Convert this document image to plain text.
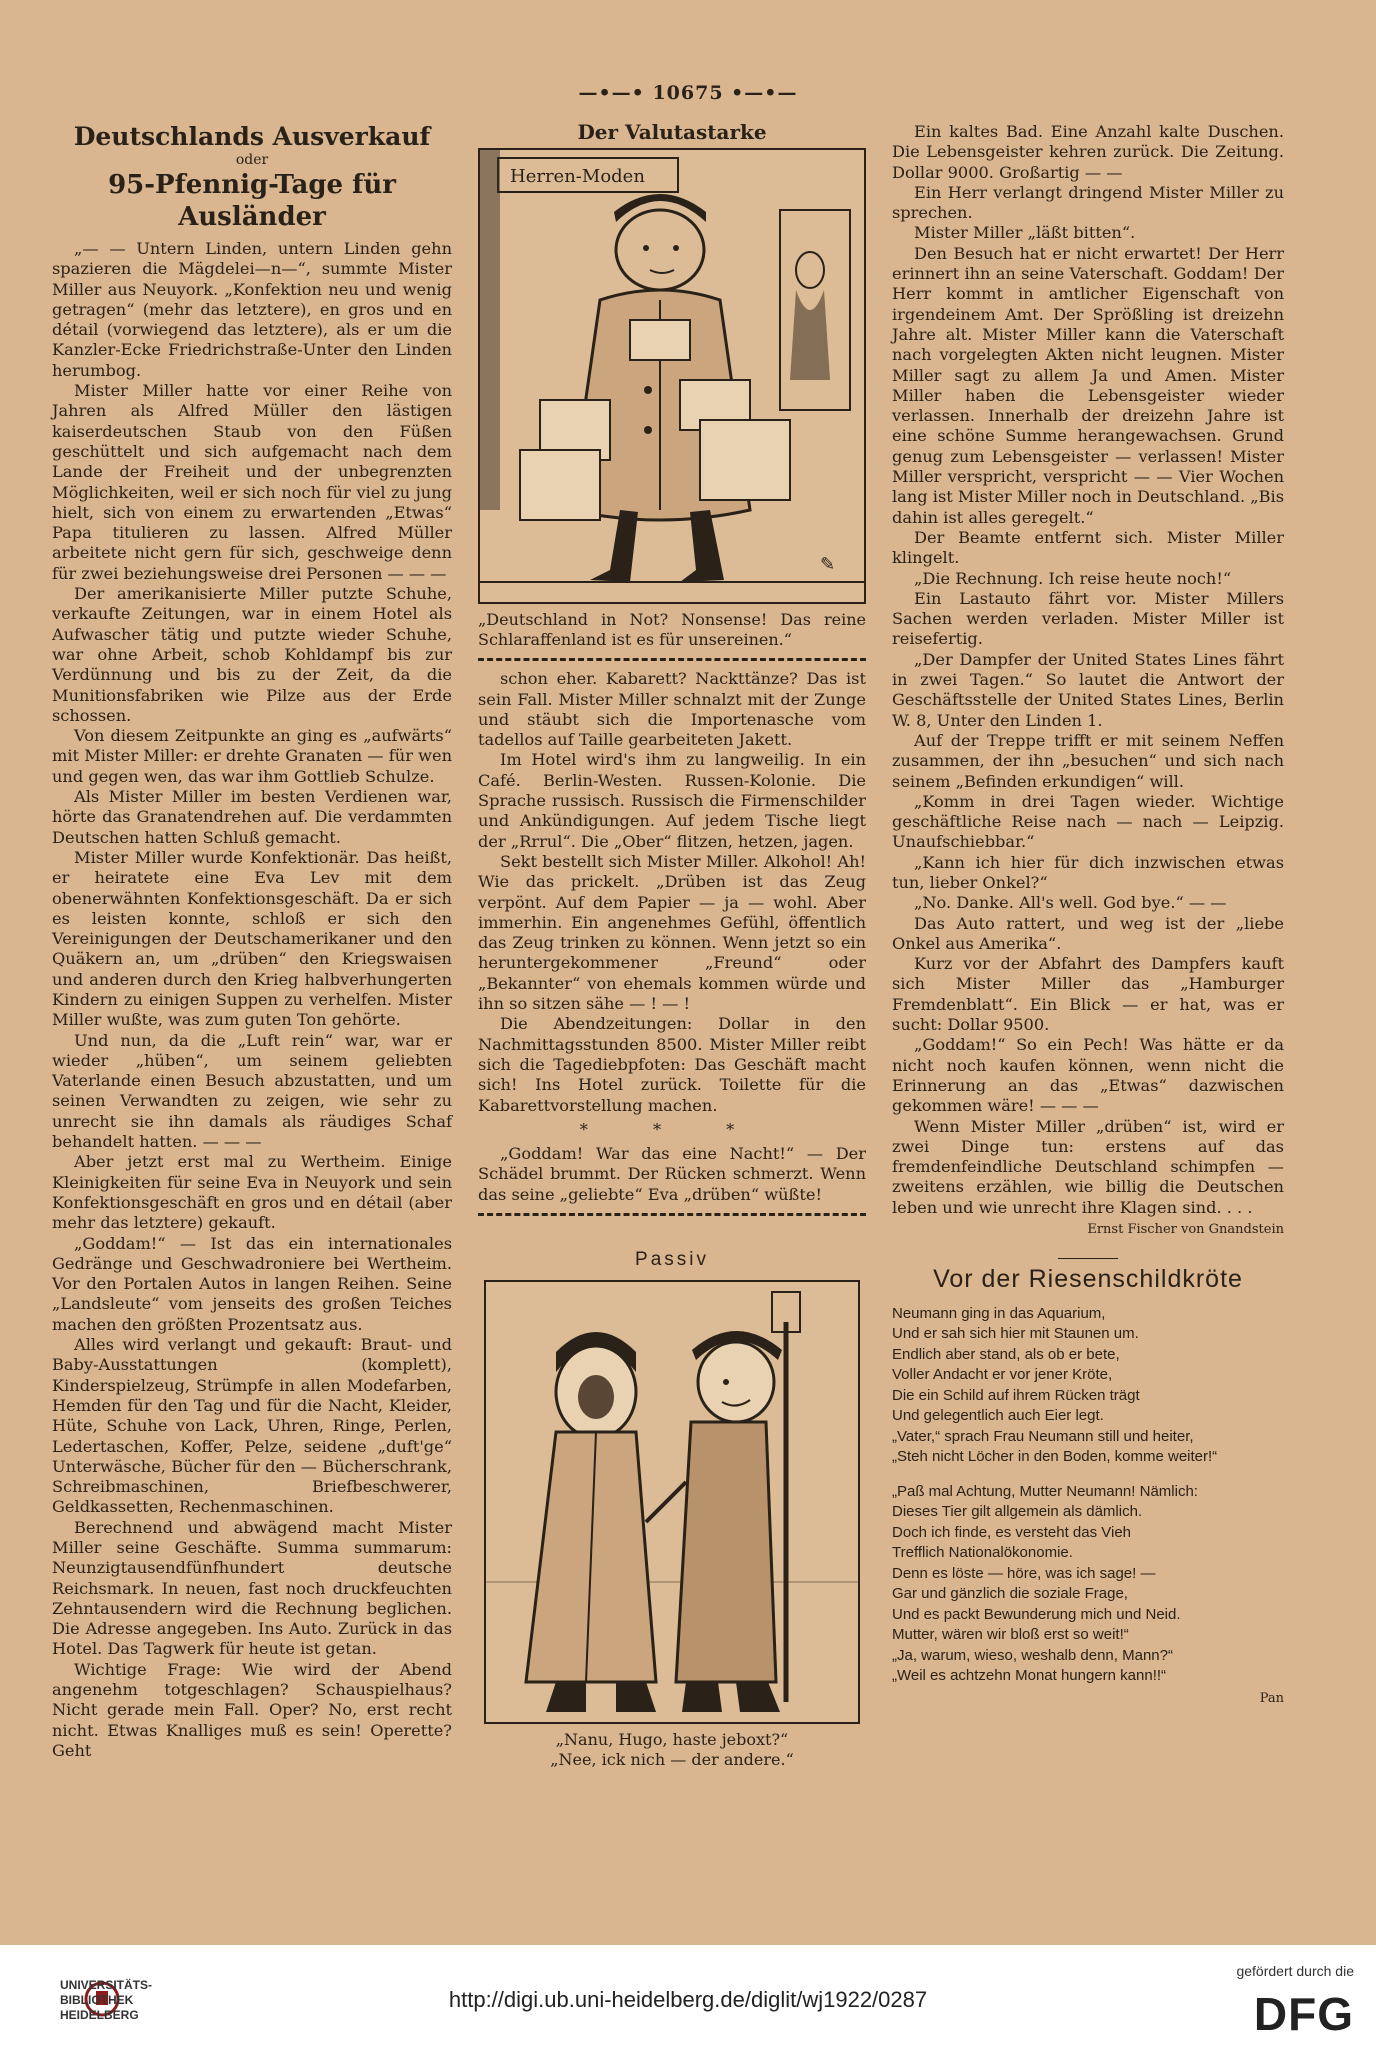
—•—• 10675 •—•—
Deutschlands Ausverkauf
oder
95-Pfennig-Tage für Ausländer

„— — Untern Linden, untern Linden gehn spazieren die Mägdelei—n—“, summte Mister Miller aus Neuyork. „Konfektion neu und wenig getragen“ (mehr das letztere), en gros und en détail (vorwiegend das letztere), als er um die Kanzler-Ecke Friedrichstraße-Unter den Linden herumbog.

Mister Miller hatte vor einer Reihe von Jahren als Alfred Müller den lästigen kaiserdeutschen Staub von den Füßen geschüttelt und sich aufgemacht nach dem Lande der Freiheit und der unbegrenzten Möglichkeiten, weil er sich noch für viel zu jung hielt, sich von einem zu erwartenden „Etwas“ Papa titulieren zu lassen. Alfred Müller arbeitete nicht gern für sich, geschweige denn für zwei beziehungsweise drei Personen — — —

Der amerikanisierte Miller putzte Schuhe, verkaufte Zeitungen, war in einem Hotel als Aufwascher tätig und putzte wieder Schuhe, war ohne Arbeit, schob Kohldampf bis zur Verdünnung und bis zu der Zeit, da die Munitionsfabriken wie Pilze aus der Erde schossen.

Von diesem Zeitpunkte an ging es „aufwärts“ mit Mister Miller: er drehte Granaten — für wen und gegen wen, das war ihm Gottlieb Schulze.

Als Mister Miller im besten Verdienen war, hörte das Granatendrehen auf. Die verdammten Deutschen hatten Schluß gemacht.

Mister Miller wurde Konfektionär. Das heißt, er heiratete eine Eva Lev mit dem obenerwähnten Konfektionsgeschäft. Da er sich es leisten konnte, schloß er sich den Vereinigungen der Deutschamerikaner und den Quäkern an, um „drüben“ den Kriegswaisen und anderen durch den Krieg halbverhungerten Kindern zu einigen Suppen zu verhelfen. Mister Miller wußte, was zum guten Ton gehörte.

Und nun, da die „Luft rein“ war, war er wieder „hüben“, um seinem geliebten Vaterlande einen Besuch abzustatten, und um seinen Verwandten zu zeigen, wie sehr zu unrecht sie ihn damals als räudiges Schaf behandelt hatten. — — —

Aber jetzt erst mal zu Wertheim. Einige Kleinigkeiten für seine Eva in Neuyork und sein Konfektionsgeschäft en gros und en détail (aber mehr das letztere) gekauft.

„Goddam!“ — Ist das ein internationales Gedränge und Geschwadroniere bei Wertheim. Vor den Portalen Autos in langen Reihen. Seine „Landsleute“ vom jenseits des großen Teiches machen den größten Prozentsatz aus.

Alles wird verlangt und gekauft: Braut- und Baby-Ausstattungen (komplett), Kinderspielzeug, Strümpfe in allen Modefarben, Hemden für den Tag und für die Nacht, Kleider, Hüte, Schuhe von Lack, Uhren, Ringe, Perlen, Ledertaschen, Koffer, Pelze, seidene „duft'ge“ Unterwäsche, Bücher für den — Bücherschrank, Schreibmaschinen, Briefbeschwerer, Geldkassetten, Rechenmaschinen.

Berechnend und abwägend macht Mister Miller seine Geschäfte. Summa summarum: Neunzigtausendfünfhundert deutsche Reichsmark. In neuen, fast noch druckfeuchten Zehntausendern wird die Rechnung beglichen. Die Adresse angegeben. Ins Auto. Zurück in das Hotel. Das Tagwerk für heute ist getan.

Wichtige Frage: Wie wird der Abend angenehm totgeschlagen? Schauspielhaus? Nicht gerade mein Fall. Oper? No, erst recht nicht. Etwas Knalliges muß es sein! Operette? Geht

Der Valutastarke
Herren-Moden
✎
„Deutschland in Not? Nonsense! Das reine Schlaraffenland ist es für unsereinen.“

schon eher. Kabarett? Nackttänze? Das ist sein Fall. Mister Miller schnalzt mit der Zunge und stäubt sich die Importenasche vom tadellos auf Taille gearbeiteten Jakett.

Im Hotel wird's ihm zu langweilig. In ein Café. Berlin-Westen. Russen-Kolonie. Die Sprache russisch. Russisch die Firmenschilder und Ankündigungen. Auf jedem Tische liegt der „Rrrul“. Die „Ober“ flitzen, hetzen, jagen.

Sekt bestellt sich Mister Miller. Alkohol! Ah! Wie das prickelt. „Drüben ist das Zeug verpönt. Auf dem Papier — ja — wohl. Aber immerhin. Ein angenehmes Gefühl, öffentlich das Zeug trinken zu können. Wenn jetzt so ein heruntergekommener „Freund“ oder „Bekannter“ von ehemals kommen würde und ihn so sitzen sähe — ! — !

Die Abendzeitungen: Dollar in den Nachmittagsstunden 8500. Mister Miller reibt sich die Tagediebpfoten: Das Geschäft macht sich! Ins Hotel zurück. Toilette für die Kabarettvorstellung machen.

* * *

„Goddam! War das eine Nacht!“ — Der Schädel brummt. Der Rücken schmerzt. Wenn das seine „geliebte“ Eva „drüben“ wüßte!

Passiv
„Nanu, Hugo, haste jeboxt?“
„Nee, ick nich — der andere.“

Ein kaltes Bad. Eine Anzahl kalte Duschen. Die Lebensgeister kehren zurück. Die Zeitung. Dollar 9000. Großartig — —

Ein Herr verlangt dringend Mister Miller zu sprechen.

Mister Miller „läßt bitten“.

Den Besuch hat er nicht erwartet! Der Herr erinnert ihn an seine Vaterschaft. Goddam! Der Herr kommt in amtlicher Eigenschaft von irgendeinem Amt. Der Sprößling ist dreizehn Jahre alt. Mister Miller kann die Vaterschaft nach vorgelegten Akten nicht leugnen. Mister Miller sagt zu allem Ja und Amen. Mister Miller haben die Lebensgeister wieder verlassen. Innerhalb der dreizehn Jahre ist eine schöne Summe herangewachsen. Grund genug zum Lebensgeister — verlassen! Mister Miller verspricht, verspricht — — Vier Wochen lang ist Mister Miller noch in Deutschland. „Bis dahin ist alles geregelt.“

Der Beamte entfernt sich. Mister Miller klingelt.

„Die Rechnung. Ich reise heute noch!“

Ein Lastauto fährt vor. Mister Millers Sachen werden verladen. Mister Miller ist reisefertig.

„Der Dampfer der United States Lines fährt in zwei Tagen.“ So lautet die Antwort der Geschäftsstelle der United States Lines, Berlin W. 8, Unter den Linden 1.

Auf der Treppe trifft er mit seinem Neffen zusammen, der ihn „besuchen“ und sich nach seinem „Befinden erkundigen“ will.

„Komm in drei Tagen wieder. Wichtige geschäftliche Reise nach — nach — Leipzig. Unaufschiebbar.“

„Kann ich hier für dich inzwischen etwas tun, lieber Onkel?“

„No. Danke. All's well. God bye.“ — —

Das Auto rattert, und weg ist der „liebe Onkel aus Amerika“.

Kurz vor der Abfahrt des Dampfers kauft sich Mister Miller das „Hamburger Fremdenblatt“. Ein Blick — er hat, was er sucht: Dollar 9500.

„Goddam!“ So ein Pech! Was hätte er da nicht noch kaufen können, wenn nicht die Erinnerung an das „Etwas“ dazwischen gekommen wäre! — — —

Wenn Mister Miller „drüben“ ist, wird er zwei Dinge tun: erstens auf das fremdenfeindliche Deutschland schimpfen — zweitens erzählen, wie billig die Deutschen leben und wie unrecht ihre Klagen sind. . . .

Ernst Fischer von Gnandstein
Vor der Riesenschildkröte

Neumann ging in das Aquarium,

Und er sah sich hier mit Staunen um.

Endlich aber stand, als ob er bete,

Voller Andacht er vor jener Kröte,

Die ein Schild auf ihrem Rücken trägt

Und gelegentlich auch Eier legt.

„Vater,“ sprach Frau Neumann still und heiter,

„Steh nicht Löcher in den Boden, komme weiter!“

„Paß mal Achtung, Mutter Neumann! Nämlich:

Dieses Tier gilt allgemein als dämlich.

Doch ich finde, es versteht das Vieh

Trefflich Nationalökonomie.

Denn es löste — höre, was ich sage! —

Gar und gänzlich die soziale Frage,

Und es packt Bewunderung mich und Neid.

Mutter, wären wir bloß erst so weit!“

„Ja, warum, wieso, weshalb denn, Mann?“

„Weil es achtzehn Monat hungern kann!!“

Pan
UNIVERSITÄTS-
BIBLIOTHEK
HEIDELBERG
http://digi.ub.uni-heidelberg.de/diglit/wj1922/0287
gefördert durch die
DFG
